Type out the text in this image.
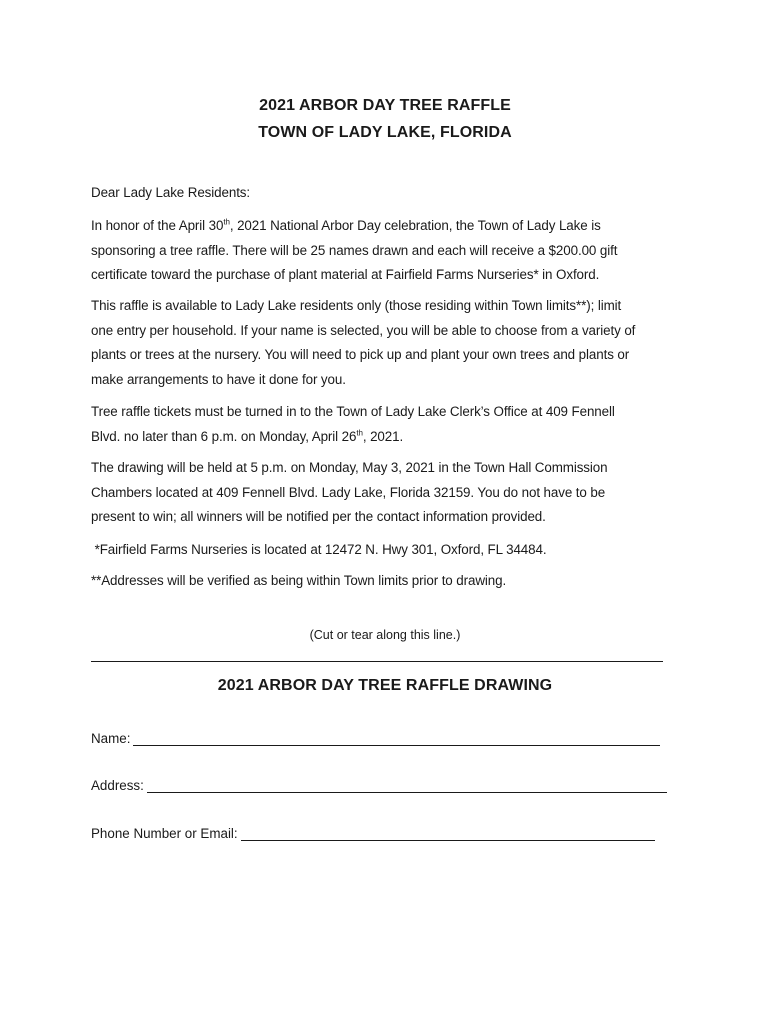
2021 ARBOR DAY TREE RAFFLE
TOWN OF LADY LAKE, FLORIDA
Dear Lady Lake Residents:
In honor of the April 30th, 2021 National Arbor Day celebration, the Town of Lady Lake is
sponsoring a tree raffle. There will be 25 names drawn and each will receive a $200.00 gift
certificate toward the purchase of plant material at Fairfield Farms Nurseries* in Oxford.
This raffle is available to Lady Lake residents only (those residing within Town limits**); limit
one entry per household. If your name is selected, you will be able to choose from a variety of
plants or trees at the nursery. You will need to pick up and plant your own trees and plants or
make arrangements to have it done for you.
Tree raffle tickets must be turned in to the Town of Lady Lake Clerk’s Office at 409 Fennell
Blvd. no later than 6 p.m. on Monday, April 26th, 2021.
The drawing will be held at 5 p.m. on Monday, May 3, 2021 in the Town Hall Commission
Chambers located at 409 Fennell Blvd. Lady Lake, Florida 32159. You do not have to be
present to win; all winners will be notified per the contact information provided.
*Fairfield Farms Nurseries is located at 12472 N. Hwy 301, Oxford, FL 34484.
**Addresses will be verified as being within Town limits prior to drawing.
(Cut or tear along this line.)
2021 ARBOR DAY TREE RAFFLE DRAWING
Name:
Address:
Phone Number or Email:
